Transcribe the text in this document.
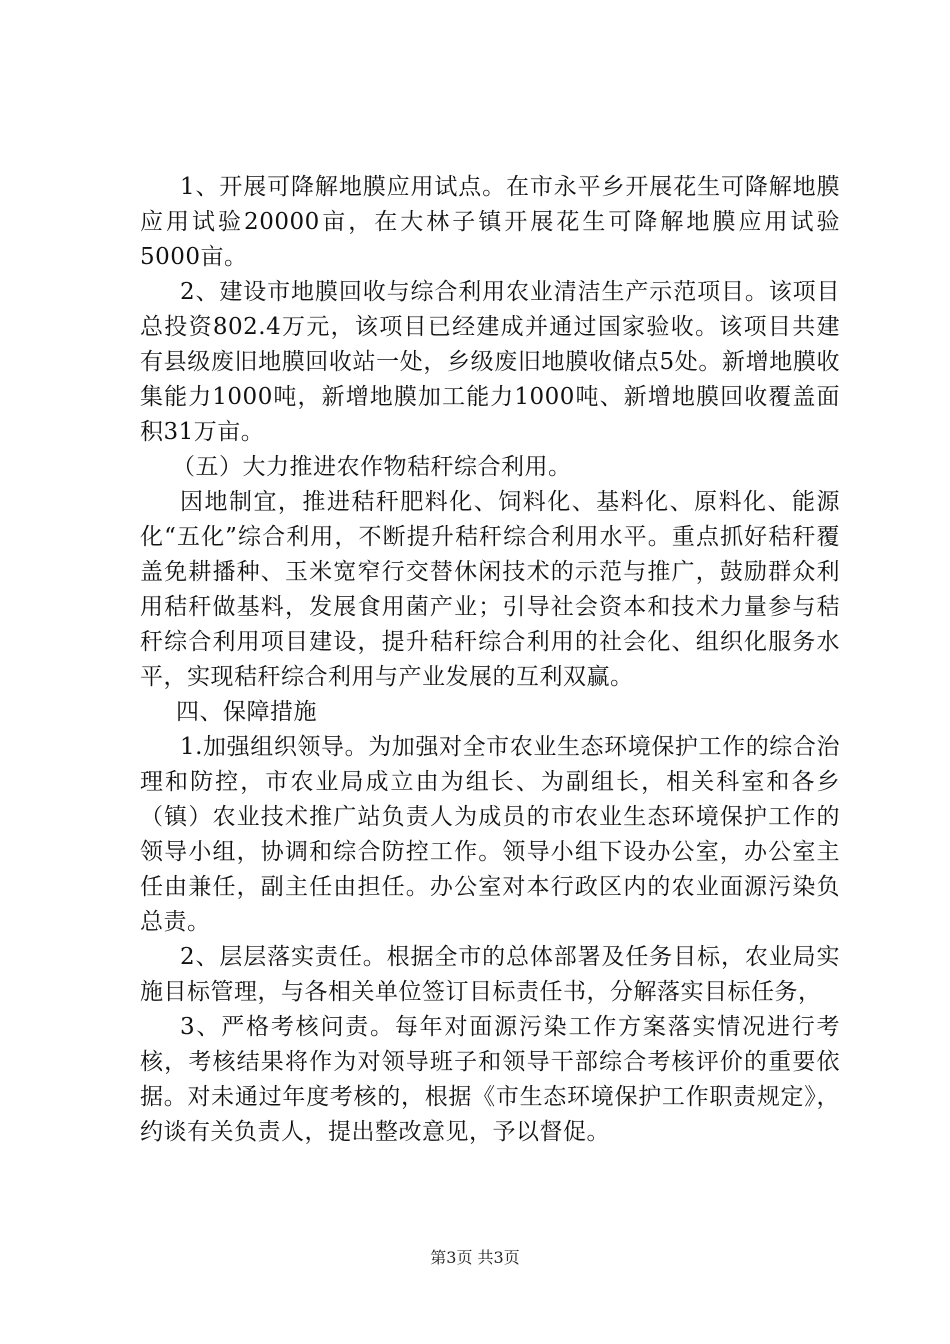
1、开展可降解地膜应用试点。在市永平乡开展花生可降解地膜应用试验20000亩，在大林子镇开展花生可降解地膜应用试验5000亩。

2、建设市地膜回收与综合利用农业清洁生产示范项目。该项目总投资802.4万元，该项目已经建成并通过国家验收。该项目共建有县级废旧地膜回收站一处，乡级废旧地膜收储点5处。新增地膜收集能力1000吨，新增地膜加工能力1000吨、新增地膜回收覆盖面积31万亩。

（五）大力推进农作物秸秆综合利用。

因地制宜，推进秸秆肥料化、饲料化、基料化、原料化、能源化“五化”综合利用，不断提升秸秆综合利用水平。重点抓好秸秆覆盖免耕播种、玉米宽窄行交替休闲技术的示范与推广，鼓励群众利用秸秆做基料，发展食用菌产业；引导社会资本和技术力量参与秸秆综合利用项目建设，提升秸秆综合利用的社会化、组织化服务水平，实现秸秆综合利用与产业发展的互利双赢。

四、保障措施

1.加强组织领导。为加强对全市农业生态环境保护工作的综合治理和防控，市农业局成立由为组长、为副组长，相关科室和各乡（镇）农业技术推广站负责人为成员的市农业生态环境保护工作的领导小组，协调和综合防控工作。领导小组下设办公室，办公室主任由兼任，副主任由担任。办公室对本行政区内的农业面源污染负总责。

2、层层落实责任。根据全市的总体部署及任务目标，农业局实施目标管理，与各相关单位签订目标责任书，分解落实目标任务，

3、严格考核问责。每年对面源污染工作方案落实情况进行考核，考核结果将作为对领导班子和领导干部综合考核评价的重要依据。对未通过年度考核的，根据《市生态环境保护工作职责规定》，约谈有关负责人，提出整改意见，予以督促。

第3页 共3页
